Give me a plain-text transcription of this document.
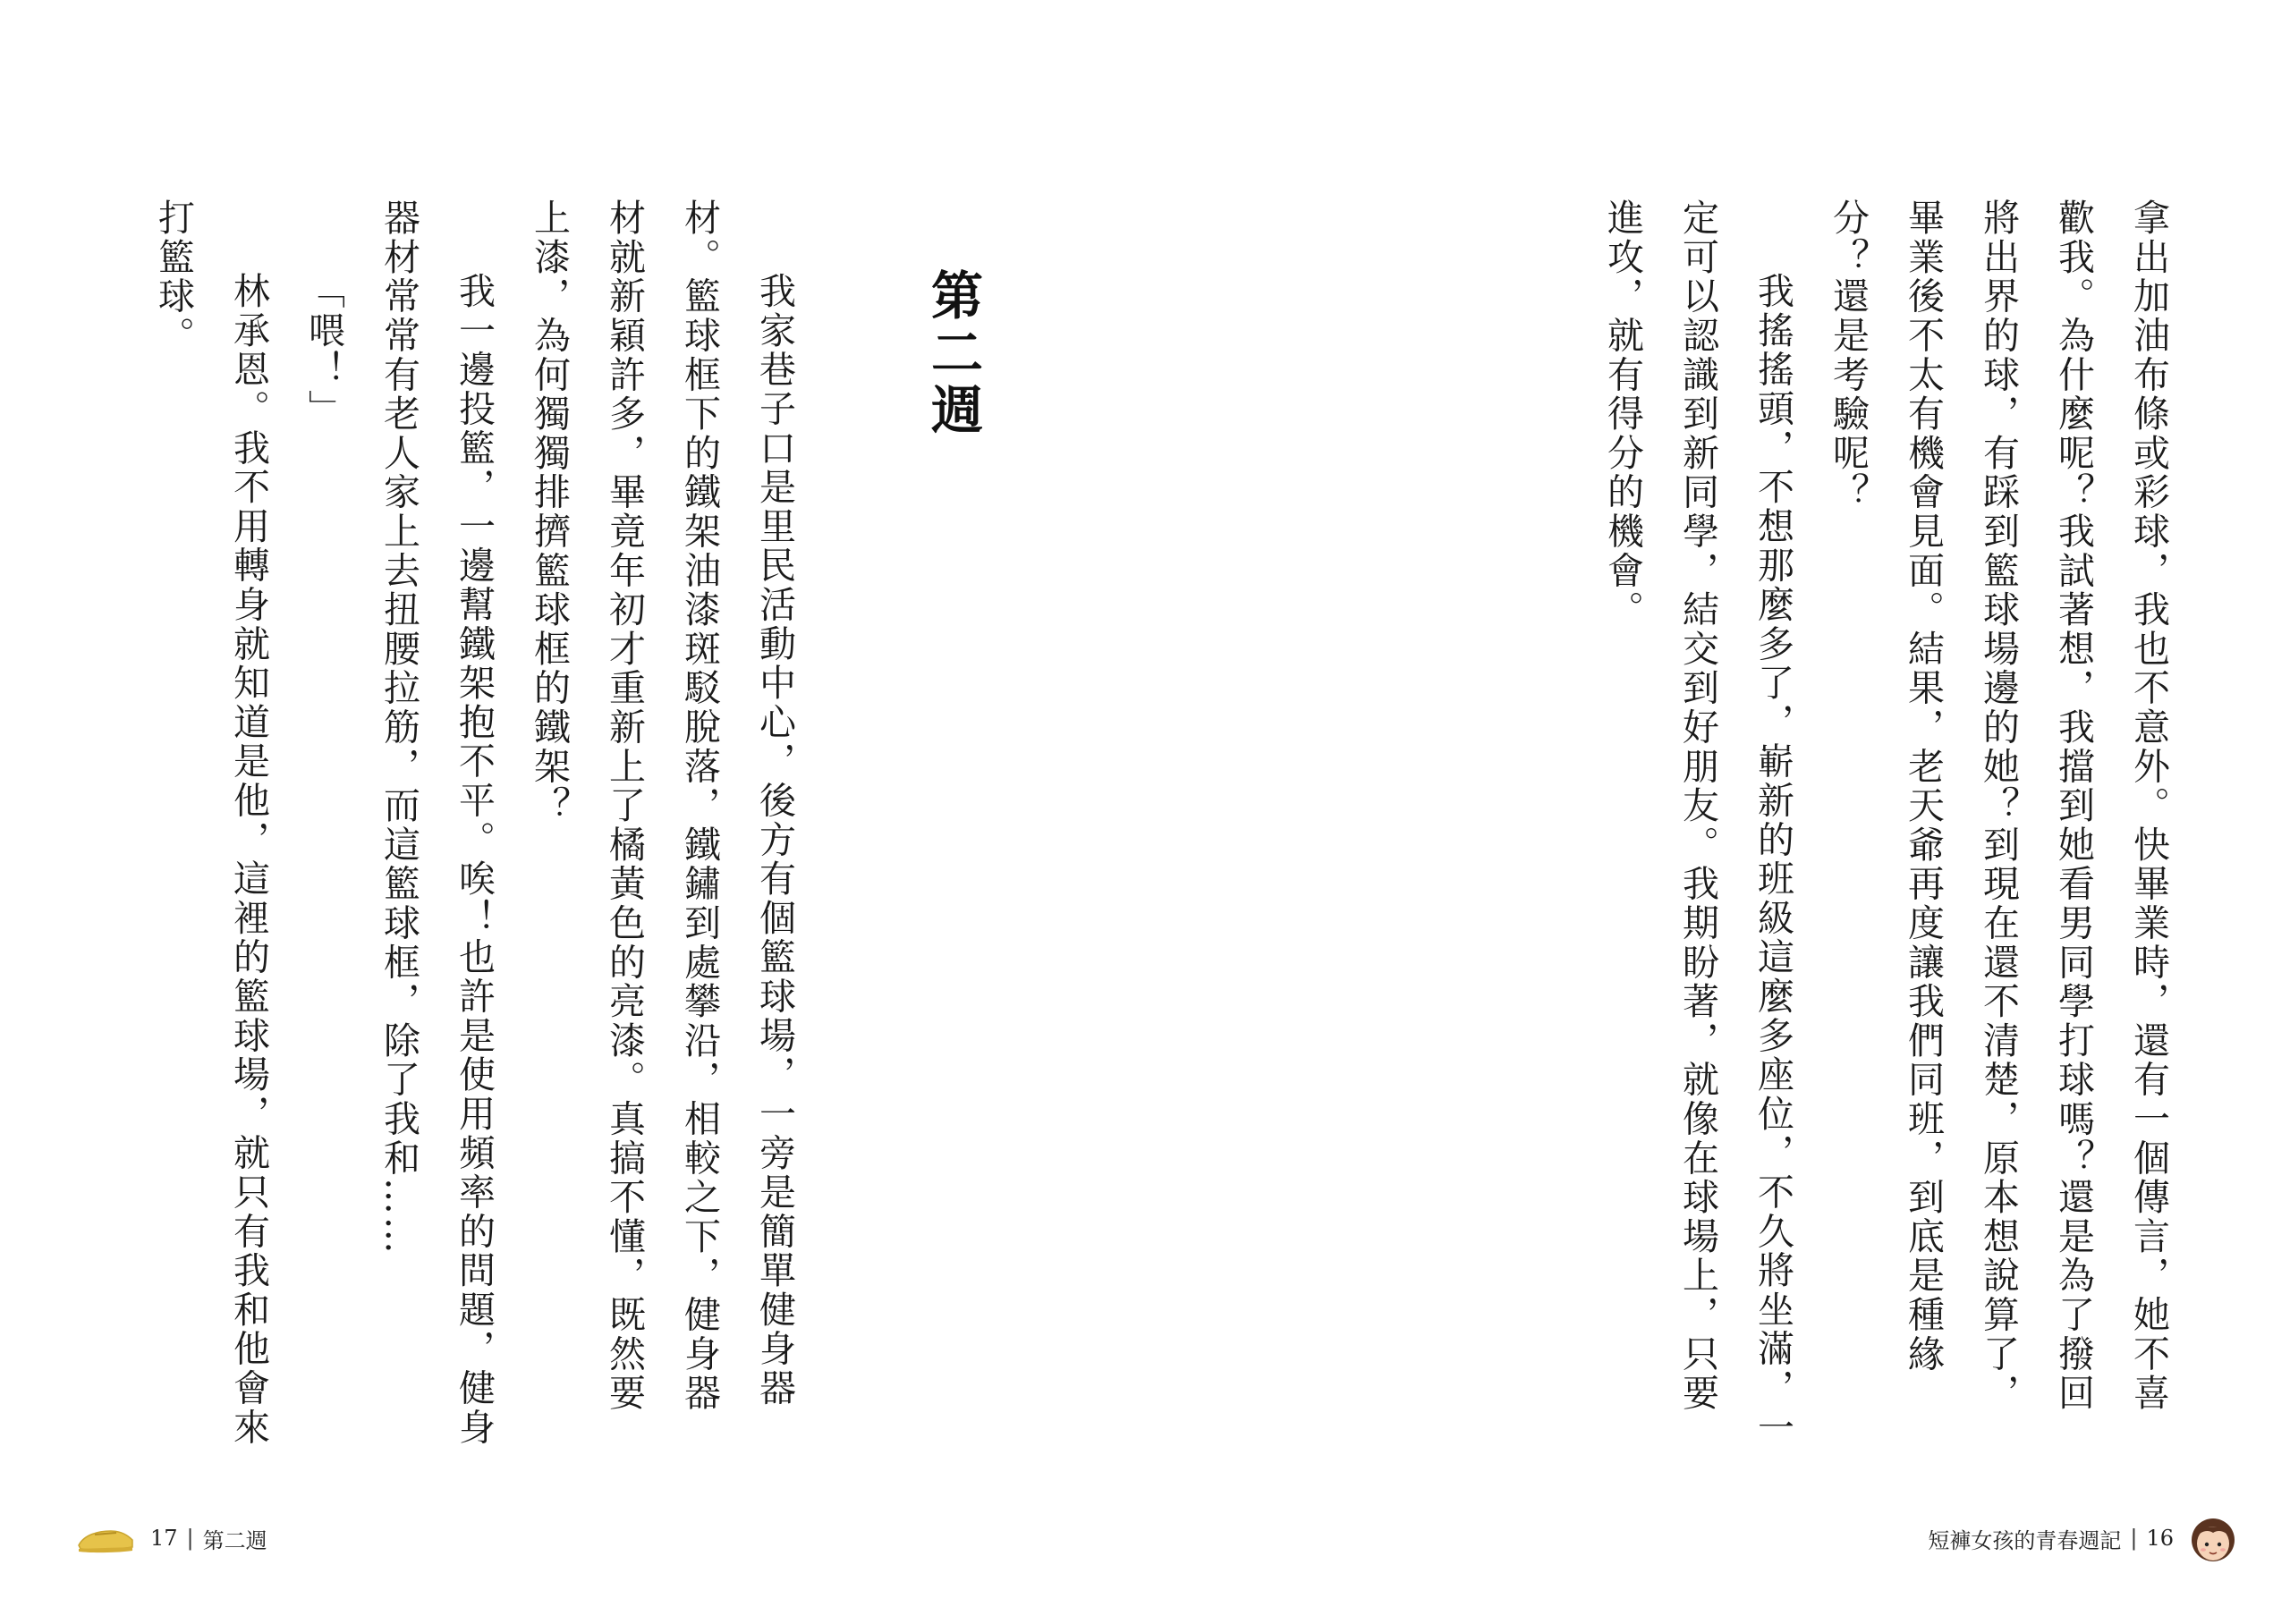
第二週

我家巷子口是里民活動中心，後方有個籃球場，一旁是簡單健身器材。籃球框下的鐵架油漆斑駁脫落，鐵鏽到處攀沿，相較之下，健身器材就新穎許多，畢竟年初才重新上了橘黃色的亮漆。真搞不懂，既然要上漆，為何獨獨排擠籃球框的鐵架？

我一邊投籃，一邊幫鐵架抱不平。唉！也許是使用頻率的問題，健身器材常常有老人家上去扭腰拉筋，而這籃球框，除了我和……

「喂！」

林承恩。我不用轉身就知道是他，這裡的籃球場，就只有我和他會來打籃球。

17 | 第二週

拿出加油布條或彩球，我也不意外。快畢業時，還有一個傳言，她不喜歡我。為什麼呢？我試著想，我擋到她看男同學打球嗎？還是為了撥回將出界的球，有踩到籃球場邊的她？到現在還不清楚，原本想說算了，畢業後不太有機會見面。結果，老天爺再度讓我們同班，到底是種緣分？還是考驗呢？

我搖搖頭，不想那麼多了，嶄新的班級這麼多座位，不久將坐滿，一定可以認識到新同學，結交到好朋友。我期盼著，就像在球場上，只要進攻，就有得分的機會。

短褲女孩的青春週記 | 16
